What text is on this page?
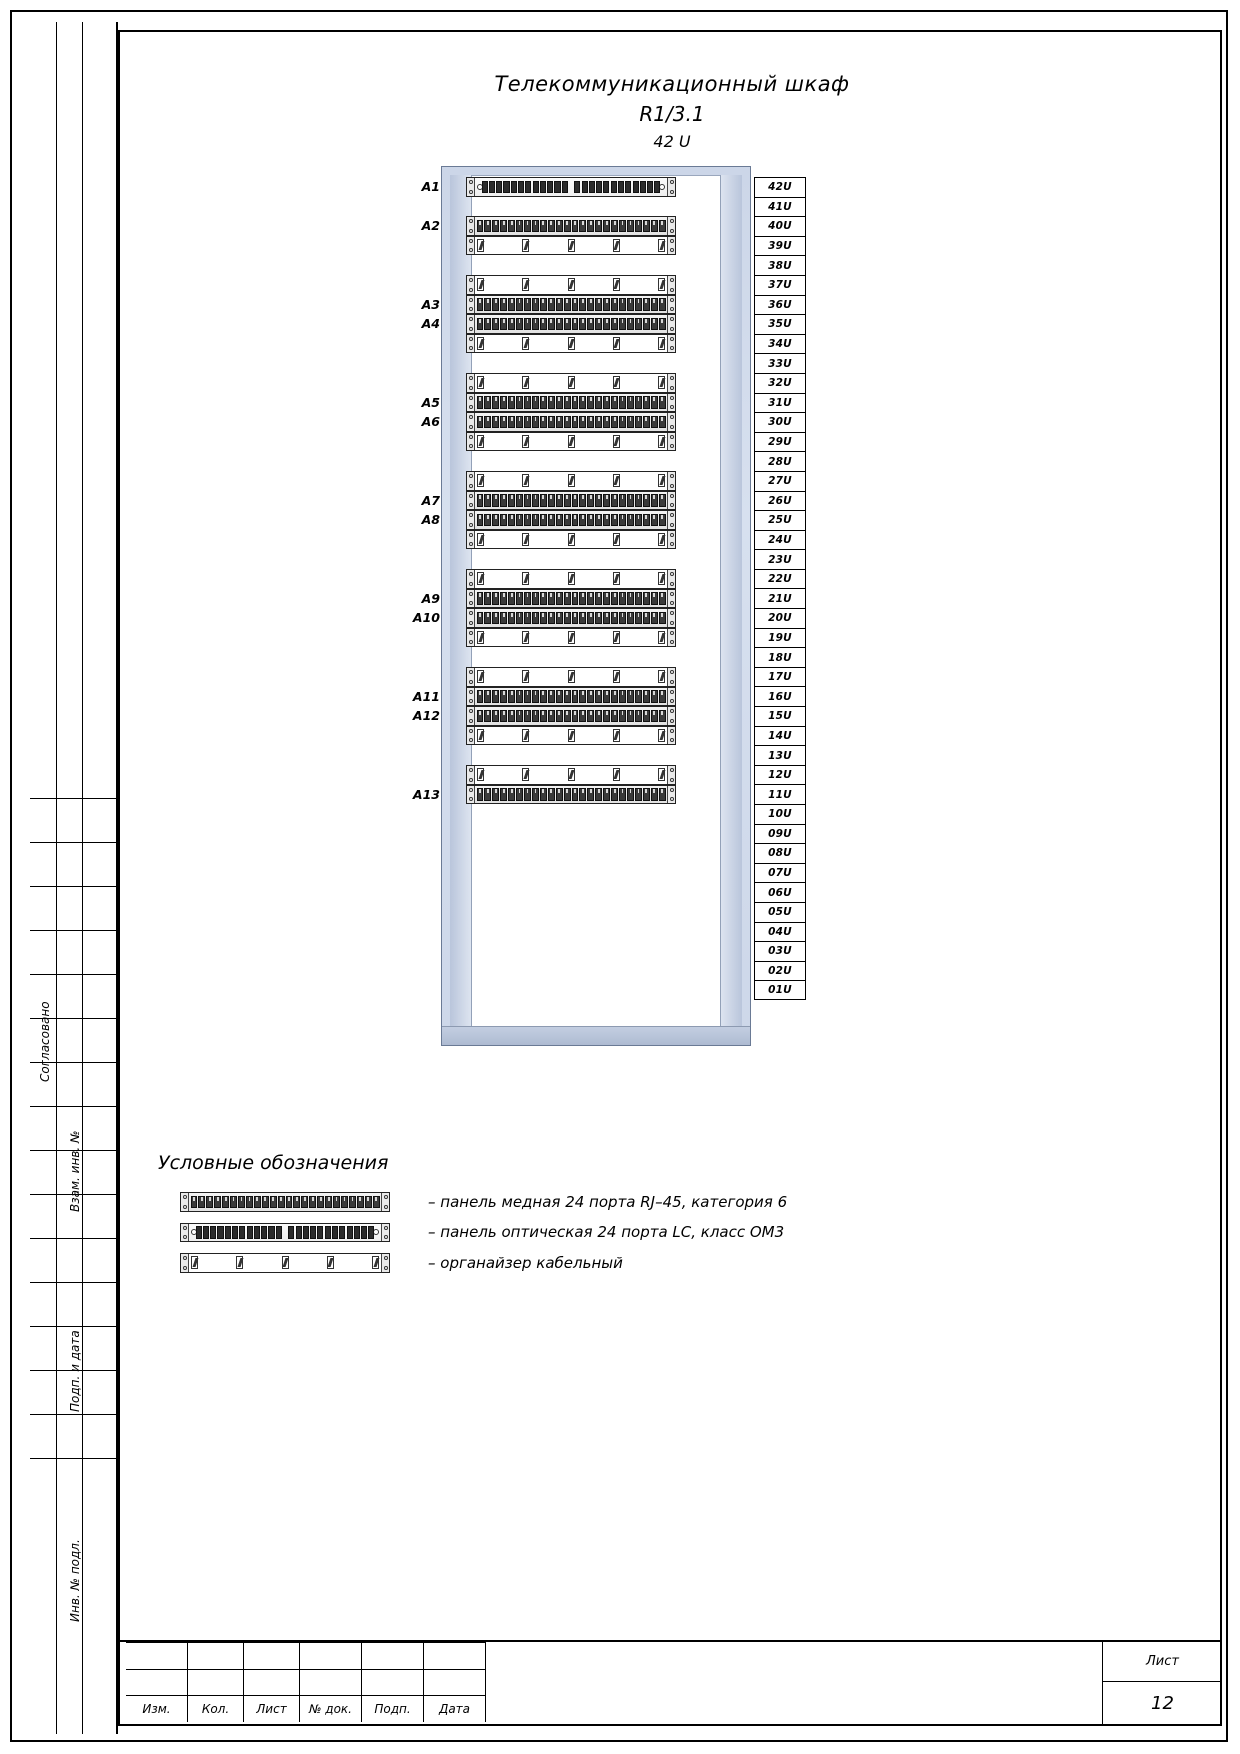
Согласовано
Взам. инв. №
Подп. и дата
Инв. № подл.
Телекоммуникационный шкаф
R1/3.1
42 U
42U
41U
40U
39U
38U
37U
36U
35U
34U
33U
32U
31U
30U
29U
28U
27U
26U
25U
24U
23U
22U
21U
20U
19U
18U
17U
16U
15U
14U
13U
12U
11U
10U
09U
08U
07U
06U
05U
04U
03U
02U
01U
A1
A2
A3
A4
A5
A6
A7
A8
A9
A10
A11
A12
A13
Условные обозначения
– панель медная 24 порта RJ–45, категория 6
– панель оптическая 24 порта LC, класс OM3
– органайзер кабельный
Изм.	Кол.	Лист	№ док.	Подп.	Дата
Лист
12
